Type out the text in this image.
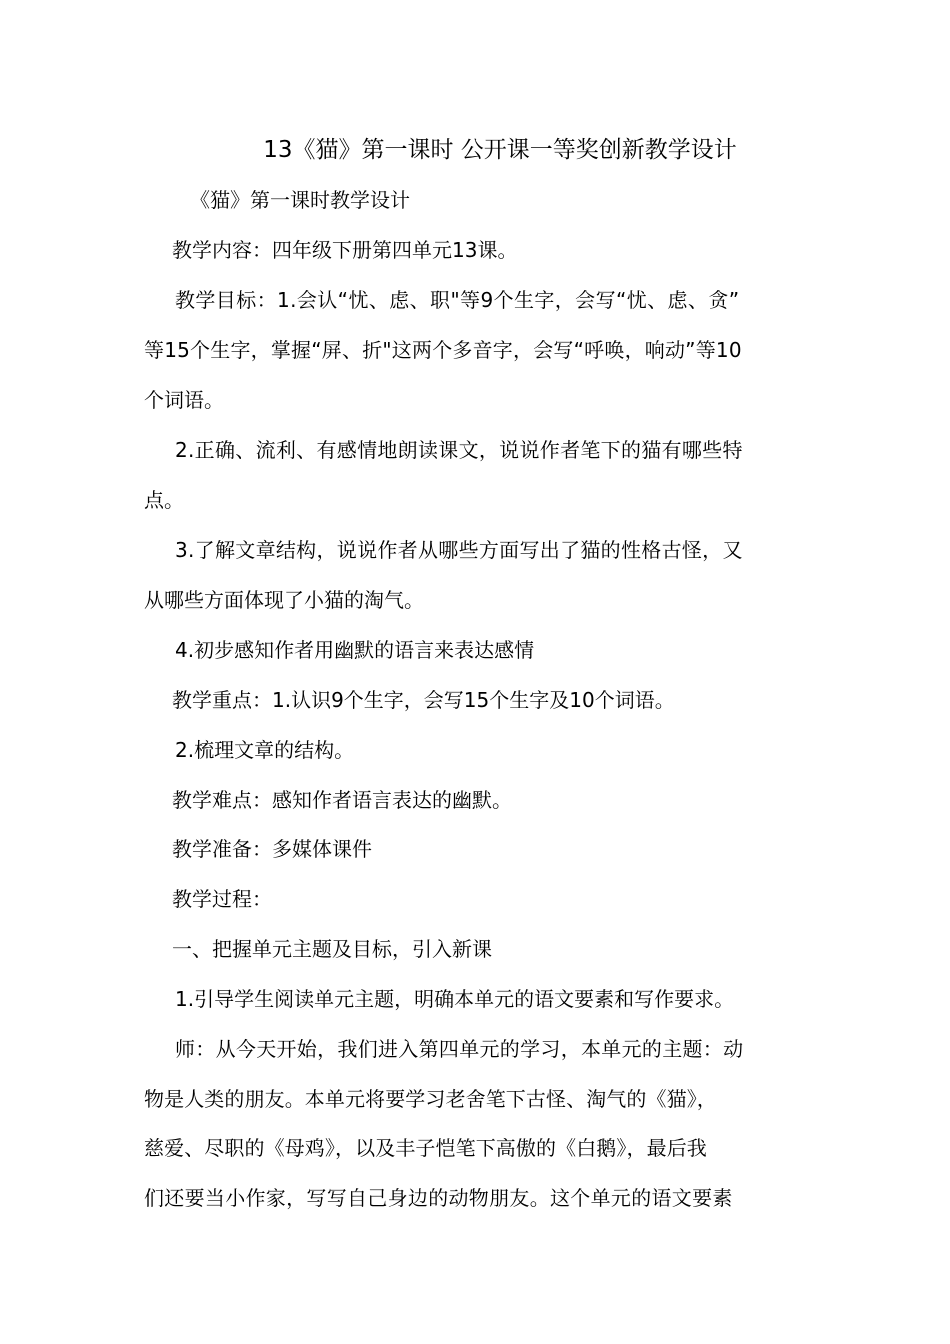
13《猫》第一课时 公开课一等奖创新教学设计
《猫》第一课时教学设计
教学内容：四年级下册第四单元13课。
教学目标：1.会认“忧、虑、职"等9个生字，会写“忧、虑、贪”
等15个生字，掌握“屏、折"这两个多音字，会写“呼唤，响动”等10
个词语。
2.正确、流利、有感情地朗读课文，说说作者笔下的猫有哪些特
点。
3.了解文章结构，说说作者从哪些方面写出了猫的性格古怪，又
从哪些方面体现了小猫的淘气。
4.初步感知作者用幽默的语言来表达感情
教学重点：1.认识9个生字，会写15个生字及10个词语。
2.梳理文章的结构。
教学难点：感知作者语言表达的幽默。
教学准备：多媒体课件
教学过程：
一、把握单元主题及目标，引入新课
1.引导学生阅读单元主题，明确本单元的语文要素和写作要求。
师：从今天开始，我们进入第四单元的学习，本单元的主题：动
物是人类的朋友。本单元将要学习老舍笔下古怪、淘气的《猫》，
慈爱、尽职的《母鸡》，以及丰子恺笔下高傲的《白鹅》，最后我
们还要当小作家，写写自己身边的动物朋友。这个单元的语文要素
